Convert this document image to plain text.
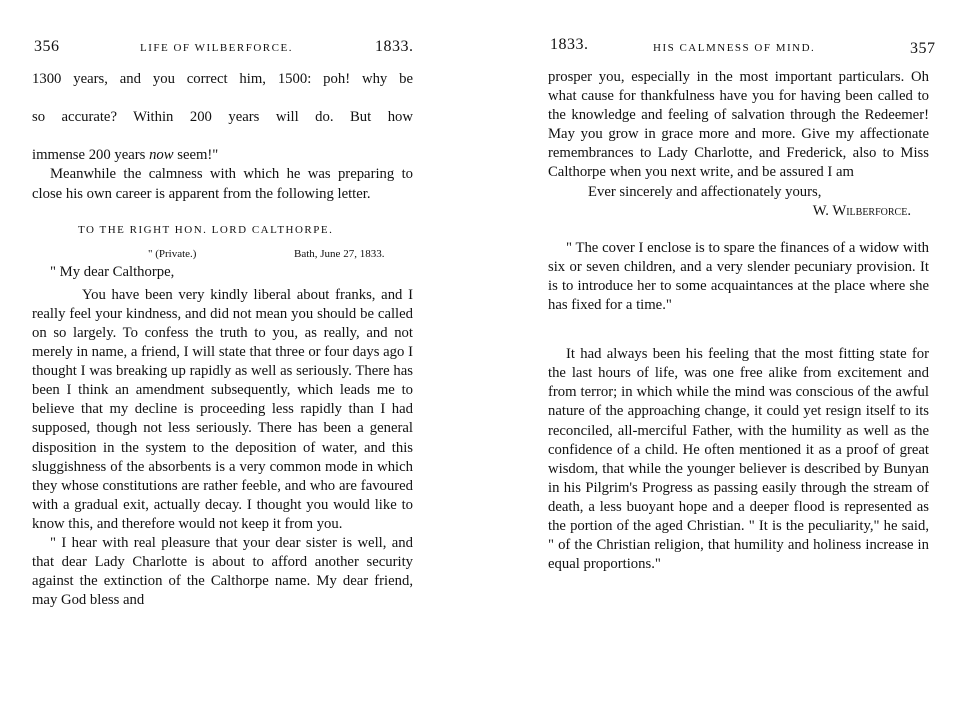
356	LIFE OF WILBERFORCE.	1833.
1300 years, and you correct him, 1500: poh! why be
so accurate? Within 200 years will do. But how
immense 200 years now seem!"

Meanwhile the calmness with which he was preparing to close his own career is apparent from the following letter.

TO THE RIGHT HON. LORD CALTHORPE.
" (Private.)	Bath, June 27, 1833.
" My dear Calthorpe,

You have been very kindly liberal about franks, and I really feel your kindness, and did not mean you should be called on so largely. To confess the truth to you, as really, and not merely in name, a friend, I will state that three or four days ago I thought I was breaking up rapidly as well as seriously. There has been I think an amendment subsequently, which leads me to believe that my decline is proceeding less rapidly than I had supposed, though not less seriously. There has been a general disposition in the system to the deposition of water, and this sluggishness of the absorbents is a very common mode in which they whose constitutions are rather feeble, and who are favoured with a gradual exit, actually decay. I thought you would like to know this, and therefore would not keep it from you.

" I hear with real pleasure that your dear sister is well, and that dear Lady Charlotte is about to afford another security against the extinction of the Calthorpe name. My dear friend, may God bless and

1833.	HIS CALMNESS OF MIND.	357

prosper you, especially in the most important particulars. Oh what cause for thankfulness have you for having been called to the knowledge and feeling of salvation through the Redeemer! May you grow in grace more and more. Give my affectionate remembrances to Lady Charlotte, and Frederick, also to Miss Calthorpe when you next write, and be assured I am

Ever sincerely and affectionately yours,
W. Wilberforce.

" The cover I enclose is to spare the finances of a widow with six or seven children, and a very slender pecuniary provision. It is to introduce her to some acquaintances at the place where she has fixed for a time."

It had always been his feeling that the most fitting state for the last hours of life, was one free alike from excitement and from terror; in which while the mind was conscious of the awful nature of the approaching change, it could yet resign itself to its reconciled, all-merciful Father, with the humility as well as the confidence of a child. He often mentioned it as a proof of great wisdom, that while the younger believer is described by Bunyan in his Pilgrim's Progress as passing easily through the stream of death, a less buoyant hope and a deeper flood is represented as the portion of the aged Christian. " It is the peculiarity," he said, " of the Christian religion, that humility and holiness increase in equal proportions."
